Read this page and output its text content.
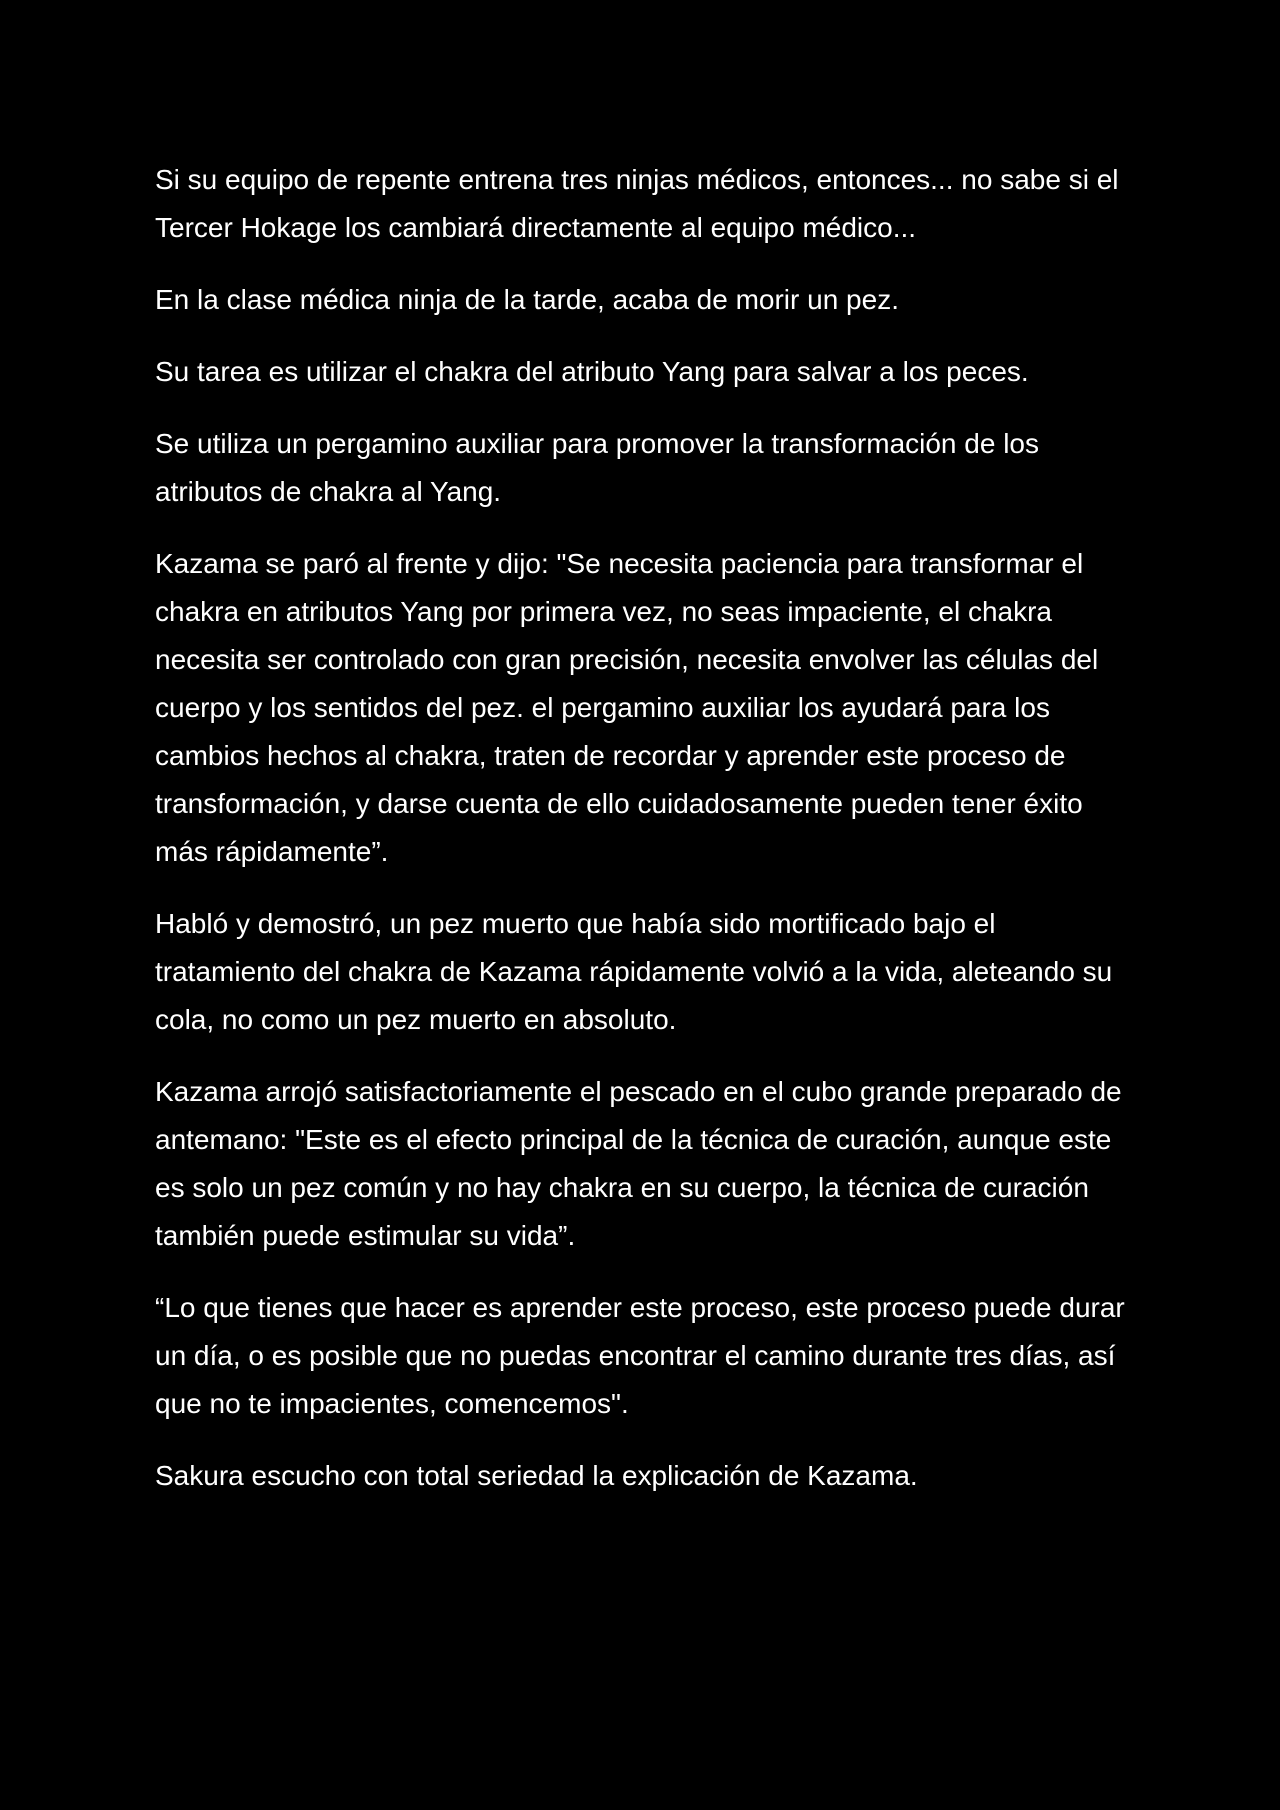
Si su equipo de repente entrena tres ninjas médicos, entonces... no sabe si el Tercer Hokage los cambiará directamente al equipo médico...

En la clase médica ninja de la tarde, acaba de morir un pez.

Su tarea es utilizar el chakra del atributo Yang para salvar a los peces.

Se utiliza un pergamino auxiliar para promover la transformación de los atributos de chakra al Yang.

Kazama se paró al frente y dijo: "Se necesita paciencia para transformar el chakra en atributos Yang por primera vez, no seas impaciente, el chakra necesita ser controlado con gran precisión, necesita envolver las células del cuerpo y los sentidos del pez. el pergamino auxiliar los ayudará para los cambios hechos al chakra, traten de recordar y aprender este proceso de transformación, y darse cuenta de ello cuidadosamente pueden tener éxito más rápidamente”.

Habló y demostró, un pez muerto que había sido mortificado bajo el tratamiento del chakra de Kazama rápidamente volvió a la vida, aleteando su cola, no como un pez muerto en absoluto.

Kazama arrojó satisfactoriamente el pescado en el cubo grande preparado de antemano: "Este es el efecto principal de la técnica de curación, aunque este es solo un pez común y no hay chakra en su cuerpo, la técnica de curación también puede estimular su vida”.

“Lo que tienes que hacer es aprender este proceso, este proceso puede durar un día, o es posible que no puedas encontrar el camino durante tres días, así que no te impacientes, comencemos".

Sakura escucho con total seriedad la explicación de Kazama.
